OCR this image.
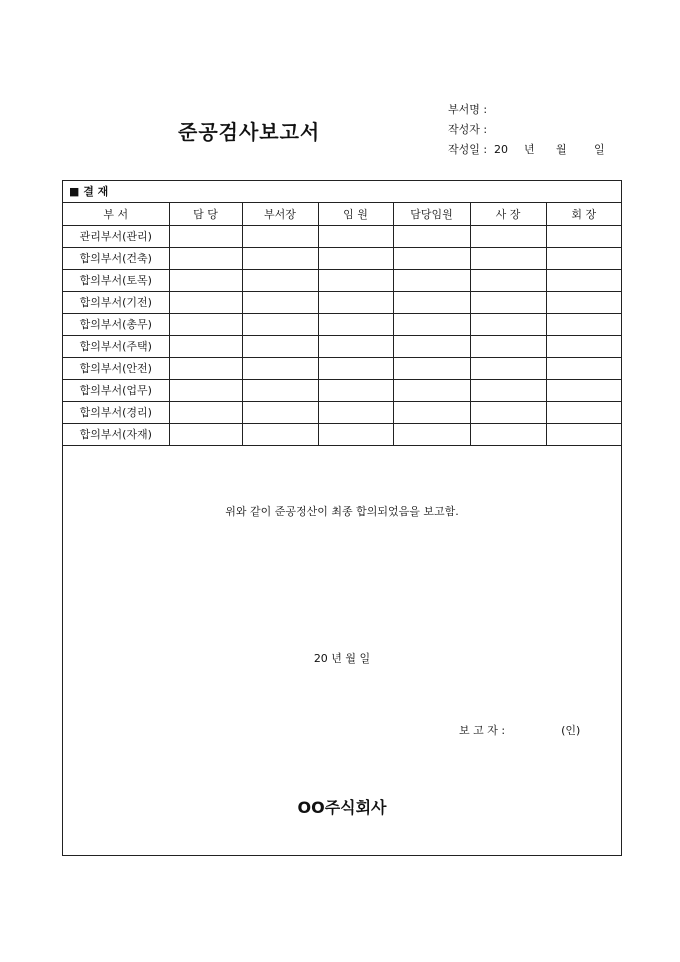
준공검사보고서
부서명 :
작성자 :
작성일 : 20	년	월	일
■ 결 재
부 서	담 당	부서장	임 원	담당임원	사 장	회 장
관리부서(관리)						
합의부서(건축)						
합의부서(토목)						
합의부서(기전)						
합의부서(총무)						
합의부서(주택)						
합의부서(안전)						
합의부서(업무)						
합의부서(경리)						
합의부서(자재)						
위와 같이 준공정산이 최종 합의되었음을 보고함.
20 년 월 일
보 고 자 :	(인)
OO주식회사
